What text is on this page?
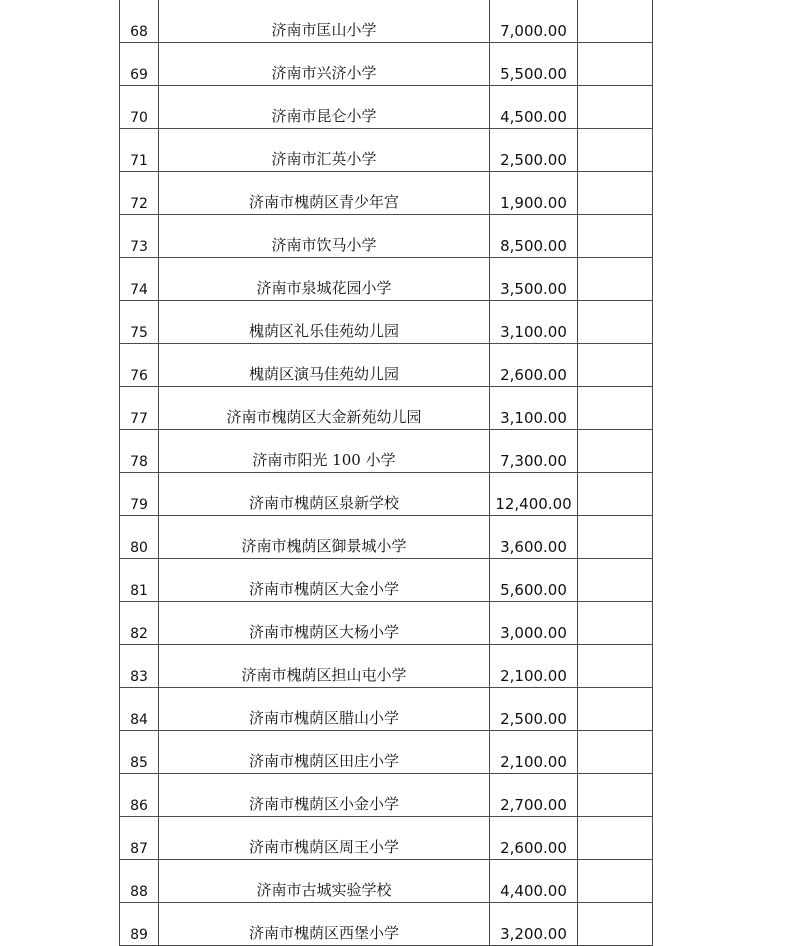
68	济南市匡山小学	7,000.00	
69	济南市兴济小学	5,500.00	
70	济南市昆仑小学	4,500.00	
71	济南市汇英小学	2,500.00	
72	济南市槐荫区青少年宫	1,900.00	
73	济南市饮马小学	8,500.00	
74	济南市泉城花园小学	3,500.00	
75	槐荫区礼乐佳苑幼儿园	3,100.00	
76	槐荫区演马佳苑幼儿园	2,600.00	
77	济南市槐荫区大金新苑幼儿园	3,100.00	
78	济南市阳光 100 小学	7,300.00	
79	济南市槐荫区泉新学校	12,400.00	
80	济南市槐荫区御景城小学	3,600.00	
81	济南市槐荫区大金小学	5,600.00	
82	济南市槐荫区大杨小学	3,000.00	
83	济南市槐荫区担山屯小学	2,100.00	
84	济南市槐荫区腊山小学	2,500.00	
85	济南市槐荫区田庄小学	2,100.00	
86	济南市槐荫区小金小学	2,700.00	
87	济南市槐荫区周王小学	2,600.00	
88	济南市古城实验学校	4,400.00	
89	济南市槐荫区西堡小学	3,200.00	
